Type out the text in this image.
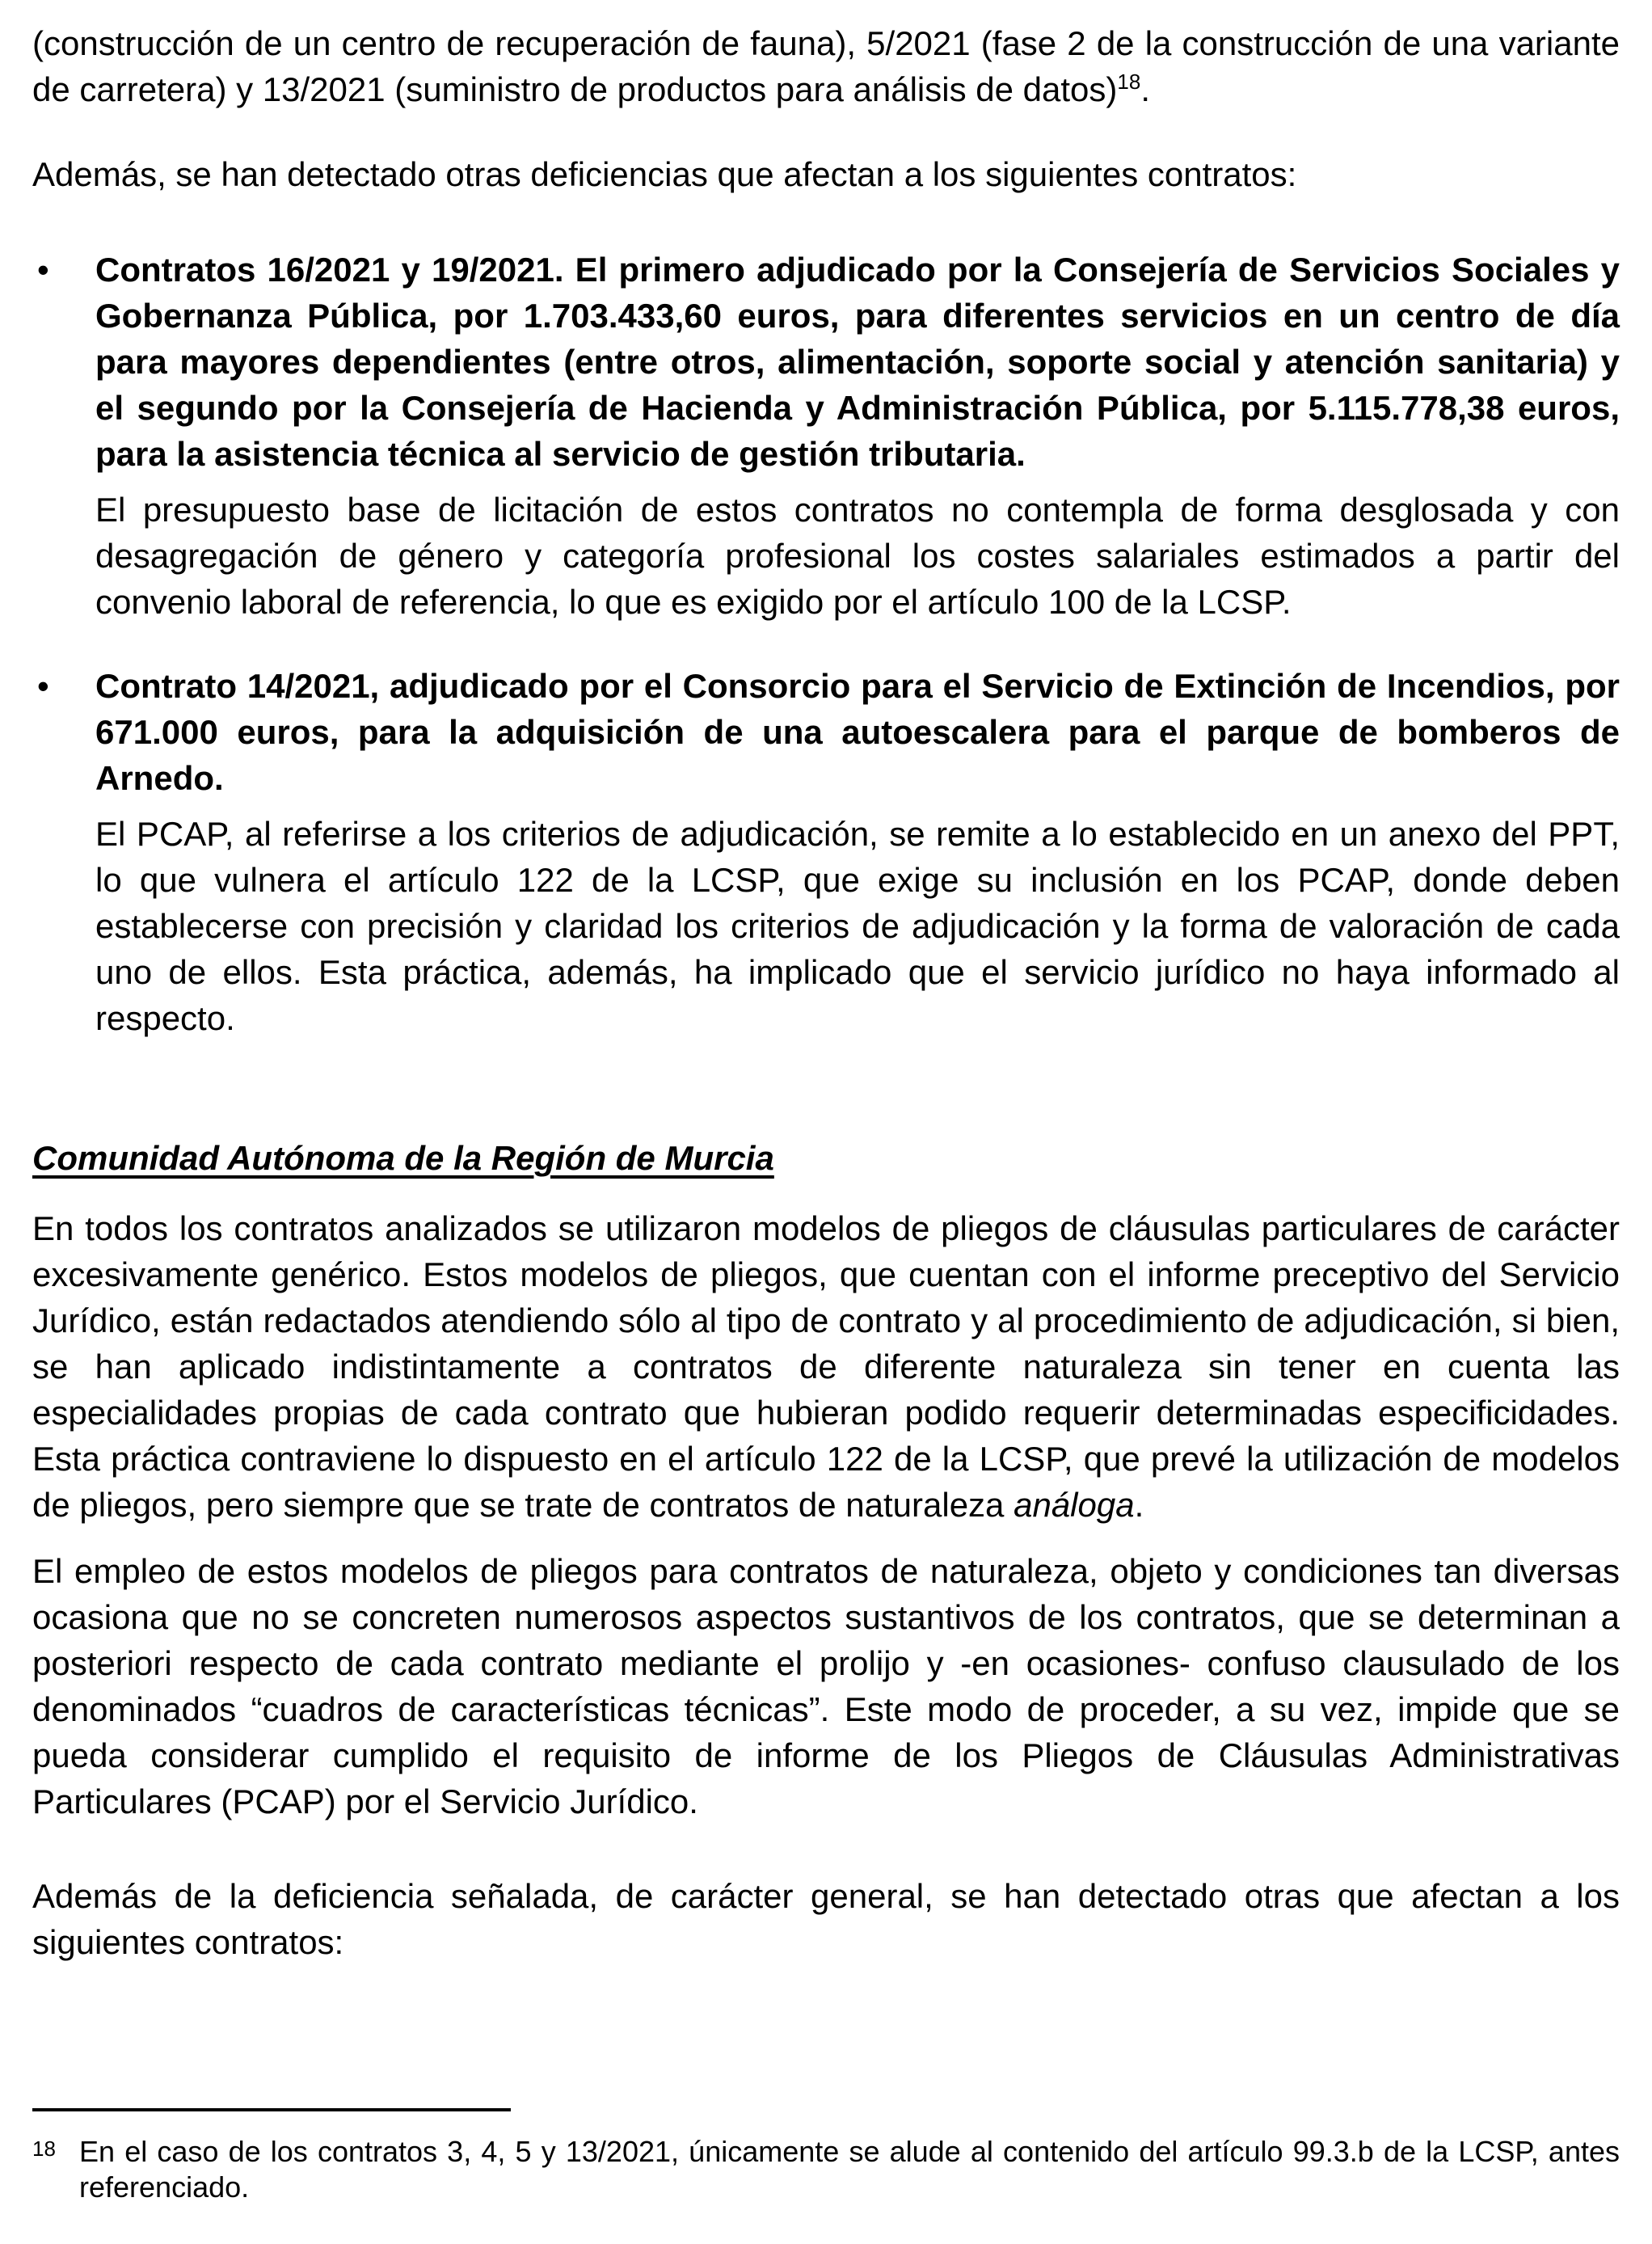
(construcción de un centro de recuperación de fauna), 5/2021 (fase 2 de la construcción de una variante de carretera) y 13/2021 (suministro de productos para análisis de datos)$^{18}$.

Además, se han detectado otras deficiencias que afectan a los siguientes contratos:

• Contratos 16/2021 y 19/2021. El primero adjudicado por la Consejería de Servicios Sociales y Gobernanza Pública, por 1.703.433,60 euros, para diferentes servicios en un centro de día para mayores dependientes (entre otros, alimentación, soporte social y atención sanitaria) y el segundo por la Consejería de Hacienda y Administración Pública, por 5.115.778,38 euros, para la asistencia técnica al servicio de gestión tributaria.

El presupuesto base de licitación de estos contratos no contempla de forma desglosada y con desagregación de género y categoría profesional los costes salariales estimados a partir del convenio laboral de referencia, lo que es exigido por el artículo 100 de la LCSP.

• Contrato 14/2021, adjudicado por el Consorcio para el Servicio de Extinción de Incendios, por 671.000 euros, para la adquisición de una autoescalera para el parque de bomberos de Arnedo.

El PCAP, al referirse a los criterios de adjudicación, se remite a lo establecido en un anexo del PPT, lo que vulnera el artículo 122 de la LCSP, que exige su inclusión en los PCAP, donde deben establecerse con precisión y claridad los criterios de adjudicación y la forma de valoración de cada uno de ellos. Esta práctica, además, ha implicado que el servicio jurídico no haya informado al respecto.

Comunidad Autónoma de la Región de Murcia

En todos los contratos analizados se utilizaron modelos de pliegos de cláusulas particulares de carácter excesivamente genérico. Estos modelos de pliegos, que cuentan con el informe preceptivo del Servicio Jurídico, están redactados atendiendo sólo al tipo de contrato y al procedimiento de adjudicación, si bien, se han aplicado indistintamente a contratos de diferente naturaleza sin tener en cuenta las especialidades propias de cada contrato que hubieran podido requerir determinadas especificidades. Esta práctica contraviene lo dispuesto en el artículo 122 de la LCSP, que prevé la utilización de modelos de pliegos, pero siempre que se trate de contratos de naturaleza análoga.

El empleo de estos modelos de pliegos para contratos de naturaleza, objeto y condiciones tan diversas ocasiona que no se concreten numerosos aspectos sustantivos de los contratos, que se determinan a posteriori respecto de cada contrato mediante el prolijo y -en ocasiones- confuso clausulado de los denominados “cuadros de características técnicas”. Este modo de proceder, a su vez, impide que se pueda considerar cumplido el requisito de informe de los Pliegos de Cláusulas Administrativas Particulares (PCAP) por el Servicio Jurídico.

Además de la deficiencia señalada, de carácter general, se han detectado otras que afectan a los siguientes contratos:

18 En el caso de los contratos 3, 4, 5 y 13/2021, únicamente se alude al contenido del artículo 99.3.b de la LCSP, antes referenciado.
